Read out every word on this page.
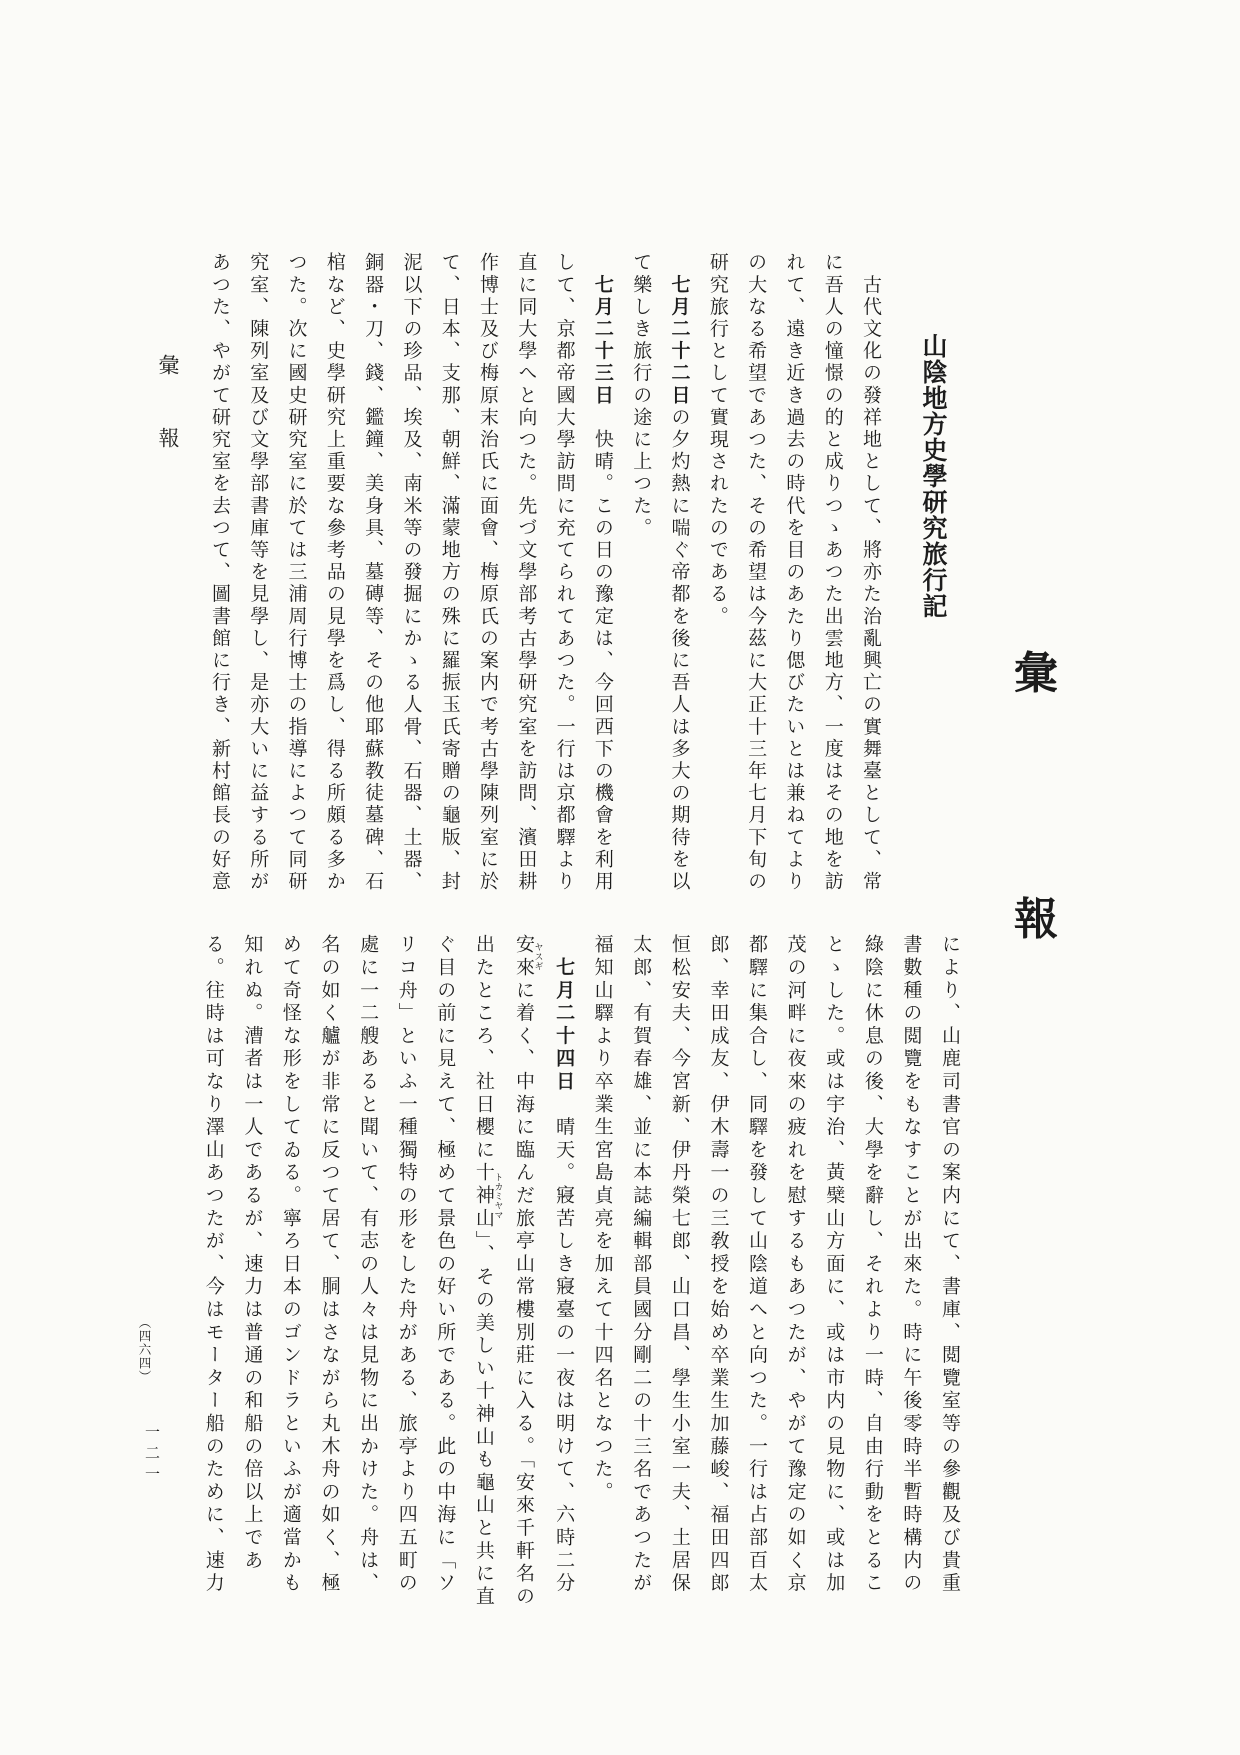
山陰地方史學研究旅行記
彙
報
彙報	　古代文化の發祥地として、將亦た治亂興亡の實舞臺として、常
に吾人の憧憬の的と成りつゝあつた出雲地方、一度はその地を訪
れて、遠き近き過去の時代を目のあたり偲びたいとは兼ねてより
の大なる希望であつた、その希望は今茲に大正十三年七月下旬の
研究旅行として實現されたのである。
　七月二十二日の夕灼熱に喘ぐ帝都を後に吾人は多大の期待を以
て樂しき旅行の途に上つた。
　七月二十三日　快晴。この日の豫定は、今回西下の機會を利用
して、京都帝國大學訪問に充てられてあつた。一行は京都驛より
直に同大學へと向つた。先づ文學部考古學研究室を訪問、濱田耕
作博士及び梅原末治氏に面會、梅原氏の案内で考古學陳列室に於
て、日本、支那、朝鮮、滿蒙地方の殊に羅振玉氏寄贈の龜版、封
泥以下の珍品、埃及、南米等の發掘にかゝる人骨、石器、土器、
銅器・刀、錢、鑑鐘、美身具、墓磚等、その他耶蘇教徒墓碑、石
棺など、史學研究上重要な參考品の見學を爲し、得る所頗る多か
つた。次に國史研究室に於ては三浦周行博士の指導によつて同研
究室、陳列室及び文學部書庫等を見學し、是亦大いに益する所が
あつた、やがて研究室を去つて、圖書館に行き、新村館長の好意
により、山鹿司書官の案内にて、書庫、閲覽室等の參觀及び貴重
書數種の閲覽をもなすことが出來た。時に午後零時半暫時構内の
綠陰に休息の後、大學を辭し、それより一時、自由行動をとるこ
とゝした。或は宇治、黃檗山方面に、或は市内の見物に、或は加
茂の河畔に夜來の疲れを慰するもあつたが、やがて豫定の如く京
都驛に集合し、同驛を發して山陰道へと向つた。一行は占部百太
郎、幸田成友、伊木壽一の三敎授を始め卒業生加藤峻、福田四郎
恒松安夫、今宮新、伊丹榮七郎、山口昌、學生小室一夫、土居保
太郎、有賀春雄、並に本誌編輯部員國分剛二の十三名であつたが
福知山驛より卒業生宮島貞亮を加えて十四名となつた。
　七月二十四日　晴天。寢苦しき寢臺の一夜は明けて、六時二分
安來 ヤスギに着く、中海に臨んだ旅亭山常樓別莊に入る。「安來千軒名の
出たところ、社日櫻に十神山 トカミヤマ」、その美しい十神山も龜山と共に直
ぐ目の前に見えて、極めて景色の好い所である。此の中海に「ソ
リコ舟」といふ一種獨特の形をした舟がある、旅亭より四五町の
處に一二艘あると聞いて、有志の人々は見物に出かけた。舟は、
名の如く艫が非常に反つて居て、胴はさながら丸木舟の如く、極
めて奇怪な形をしてゐる。寧ろ日本のゴンドラといふが適當かも
知れぬ。漕者は一人であるが、速力は普通の和船の倍以上であ
る。往時は可なり澤山あつたが、今はモーター船のために、速力
（四六四）
一二一
